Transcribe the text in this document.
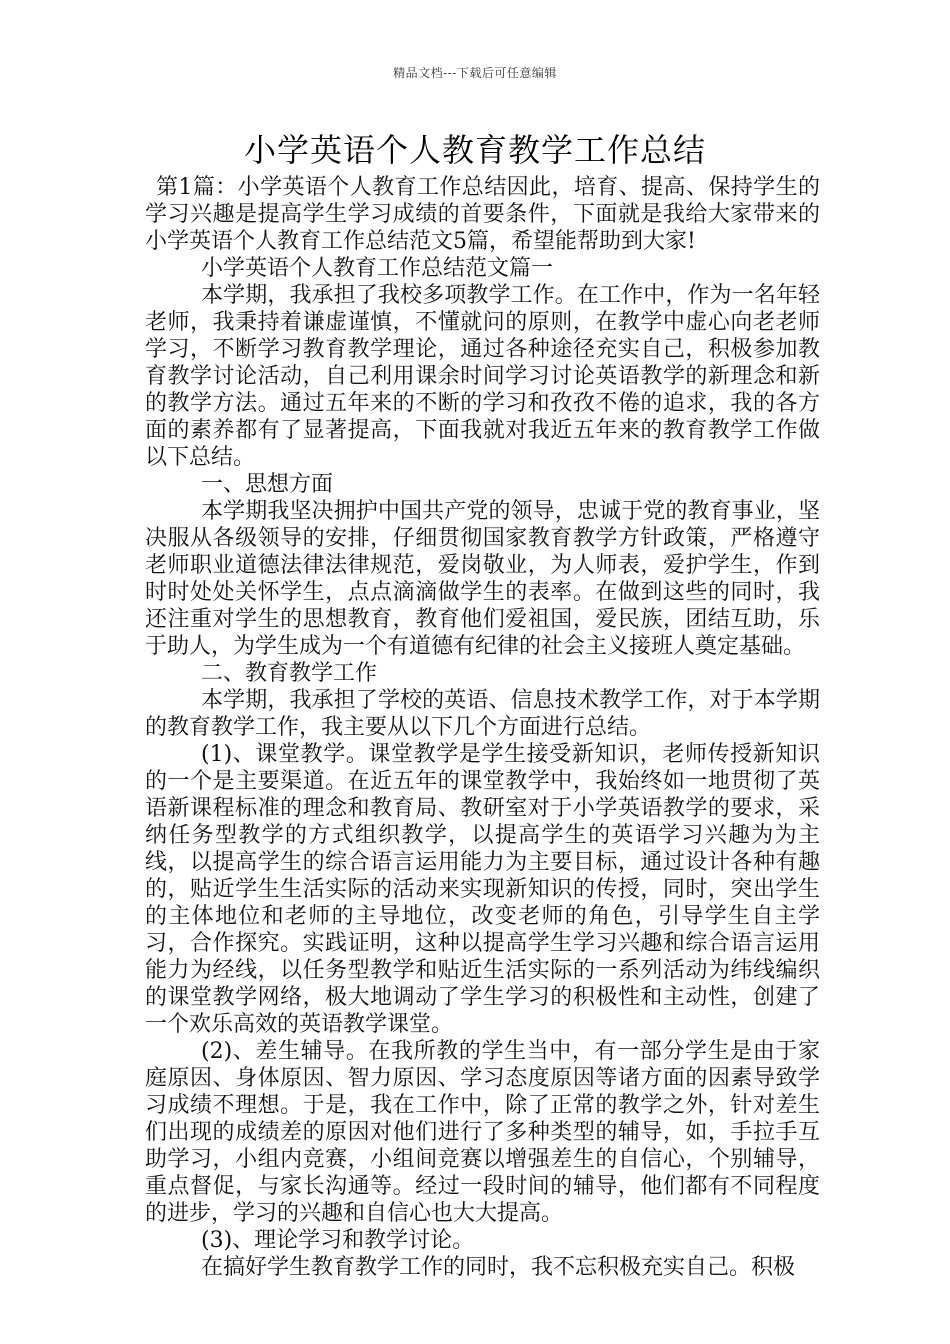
精品文档---下载后可任意编辑
小学英语个人教育教学工作总结

第1篇：小学英语个人教育工作总结因此，培育、提高、保持学生的学习兴趣是提高学生学习成绩的首要条件，下面就是我给大家带来的小学英语个人教育工作总结范文5篇，希望能帮助到大家!

小学英语个人教育工作总结范文篇一

本学期，我承担了我校多项教学工作。在工作中，作为一名年轻老师，我秉持着谦虚谨慎，不懂就问的原则，在教学中虚心向老老师学习，不断学习教育教学理论，通过各种途径充实自己，积极参加教育教学讨论活动，自己利用课余时间学习讨论英语教学的新理念和新的教学方法。通过五年来的不断的学习和孜孜不倦的追求，我的各方面的素养都有了显著提高，下面我就对我近五年来的教育教学工作做以下总结。

一、思想方面

本学期我坚决拥护中国共产党的领导，忠诚于党的教育事业，坚决服从各级领导的安排，仔细贯彻国家教育教学方针政策，严格遵守老师职业道德法律法律规范，爱岗敬业，为人师表，爱护学生，作到时时处处关怀学生，点点滴滴做学生的表率。在做到这些的同时，我还注重对学生的思想教育，教育他们爱祖国，爱民族，团结互助，乐于助人，为学生成为一个有道德有纪律的社会主义接班人奠定基础。

二、教育教学工作

本学期，我承担了学校的英语、信息技术教学工作，对于本学期的教育教学工作，我主要从以下几个方面进行总结。

(1)、课堂教学。课堂教学是学生接受新知识，老师传授新知识的一个是主要渠道。在近五年的课堂教学中，我始终如一地贯彻了英语新课程标准的理念和教育局、教研室对于小学英语教学的要求，采纳任务型教学的方式组织教学，以提高学生的英语学习兴趣为为主线，以提高学生的综合语言运用能力为主要目标，通过设计各种有趣的，贴近学生生活实际的活动来实现新知识的传授，同时，突出学生的主体地位和老师的主导地位，改变老师的角色，引导学生自主学习，合作探究。实践证明，这种以提高学生学习兴趣和综合语言运用能力为经线，以任务型教学和贴近生活实际的一系列活动为纬线编织的课堂教学网络，极大地调动了学生学习的积极性和主动性，创建了一个欢乐高效的英语教学课堂。

(2)、差生辅导。在我所教的学生当中，有一部分学生是由于家庭原因、身体原因、智力原因、学习态度原因等诸方面的因素导致学习成绩不理想。于是，我在工作中，除了正常的教学之外，针对差生们出现的成绩差的原因对他们进行了多种类型的辅导，如，手拉手互助学习，小组内竞赛，小组间竞赛以增强差生的自信心，个别辅导，重点督促，与家长沟通等。经过一段时间的辅导，他们都有不同程度的进步，学习的兴趣和自信心也大大提高。

(3)、理论学习和教学讨论。

在搞好学生教育教学工作的同时，我不忘积极充实自己。积极
